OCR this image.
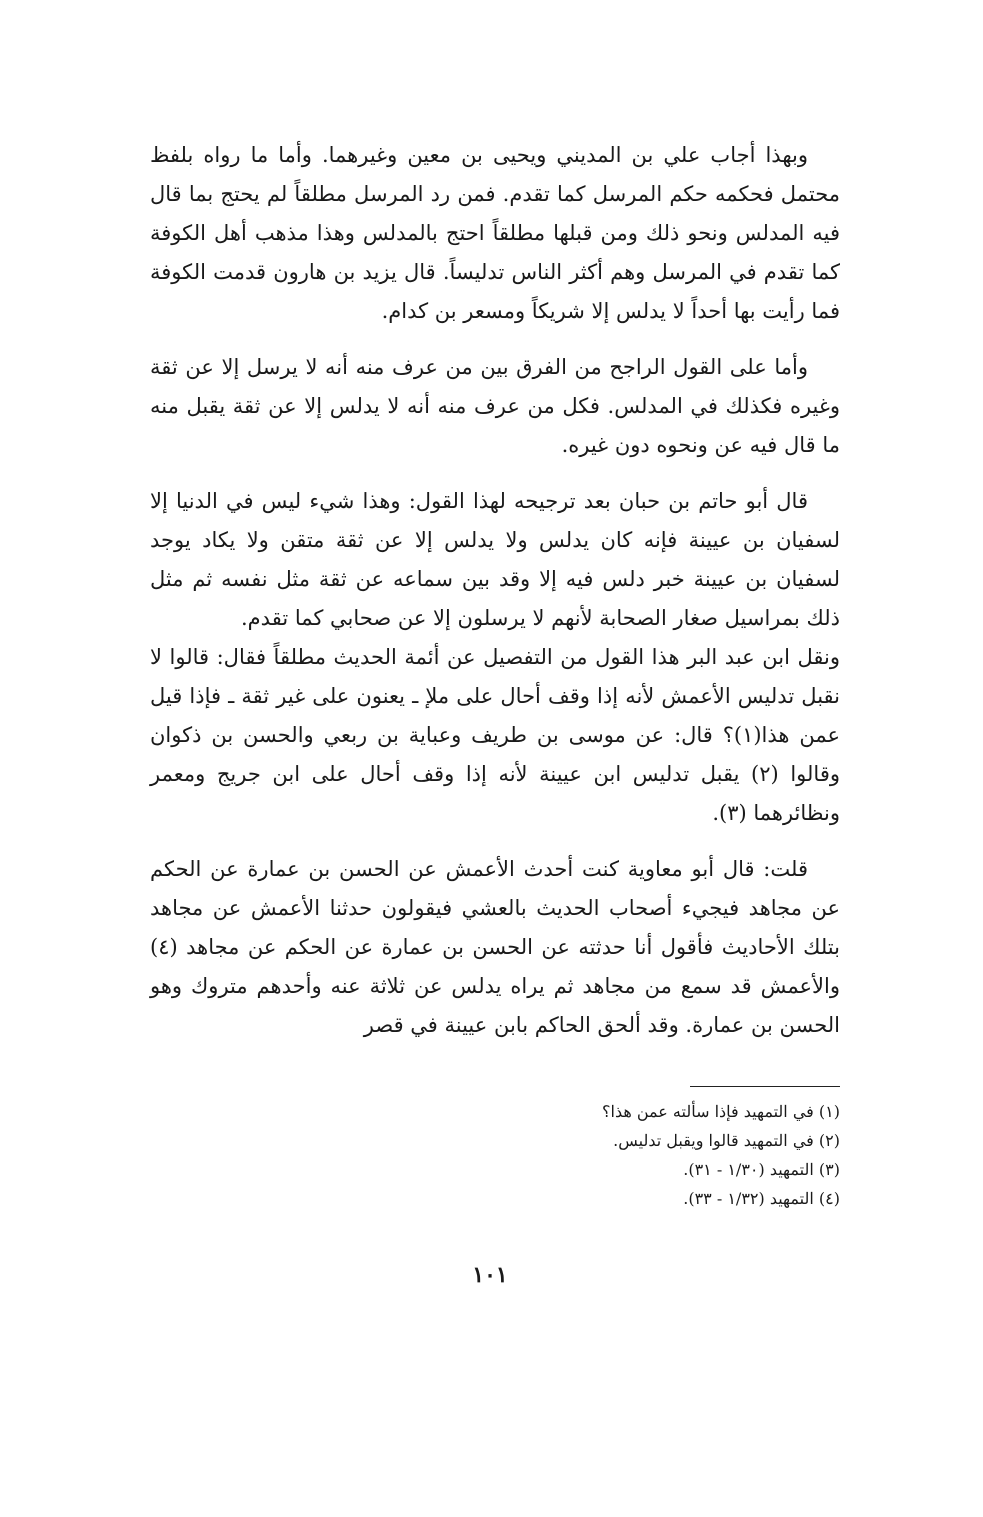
وبهذا أجاب علي بن المديني ويحيى بن معين وغيرهما. وأما ما رواه بلفظ محتمل فحكمه حكم المرسل كما تقدم. فمن رد المرسل مطلقاً لم يحتج بما قال فيه المدلس ونحو ذلك ومن قبلها مطلقاً احتج بالمدلس وهذا مذهب أهل الكوفة كما تقدم في المرسل وهم أكثر الناس تدليساً. قال يزيد بن هارون قدمت الكوفة فما رأيت بها أحداً لا يدلس إلا شريكاً ومسعر بن كدام.

وأما على القول الراجح من الفرق بين من عرف منه أنه لا يرسل إلا عن ثقة وغيره فكذلك في المدلس. فكل من عرف منه أنه لا يدلس إلا عن ثقة يقبل منه ما قال فيه عن ونحوه دون غيره.

قال أبو حاتم بن حبان بعد ترجيحه لهذا القول: وهذا شيء ليس في الدنيا إلا لسفيان بن عيينة فإنه كان يدلس ولا يدلس إلا عن ثقة متقن ولا يكاد يوجد لسفيان بن عيينة خبر دلس فيه إلا وقد بين سماعه عن ثقة مثل نفسه ثم مثل ذلك بمراسيل صغار الصحابة لأنهم لا يرسلون إلا عن صحابي كما تقدم.

ونقل ابن عبد البر هذا القول من التفصيل عن أئمة الحديث مطلقاً فقال: قالوا لا نقبل تدليس الأعمش لأنه إذا وقف أحال على ملإ ـ يعنون على غير ثقة ـ فإذا قيل عمن هذا(١)؟ قال: عن موسى بن طريف وعباية بن ربعي والحسن بن ذكوان وقالوا (٢) يقبل تدليس ابن عيينة لأنه إذا وقف أحال على ابن جريج ومعمر ونظائرهما (٣).

قلت: قال أبو معاوية كنت أحدث الأعمش عن الحسن بن عمارة عن الحكم عن مجاهد فيجيء أصحاب الحديث بالعشي فيقولون حدثنا الأعمش عن مجاهد بتلك الأحاديث فأقول أنا حدثته عن الحسن بن عمارة عن الحكم عن مجاهد (٤) والأعمش قد سمع من مجاهد ثم يراه يدلس عن ثلاثة عنه وأحدهم متروك وهو الحسن بن عمارة. وقد ألحق الحاكم بابن عيينة في قصر

(١) في التمهيد فإذا سألته عمن هذا؟

(٢) في التمهيد قالوا ويقبل تدليس.

(٣) التمهيد (١/٣٠ - ٣١).

(٤) التمهيد (١/٣٢ - ٣٣).

١٠١
